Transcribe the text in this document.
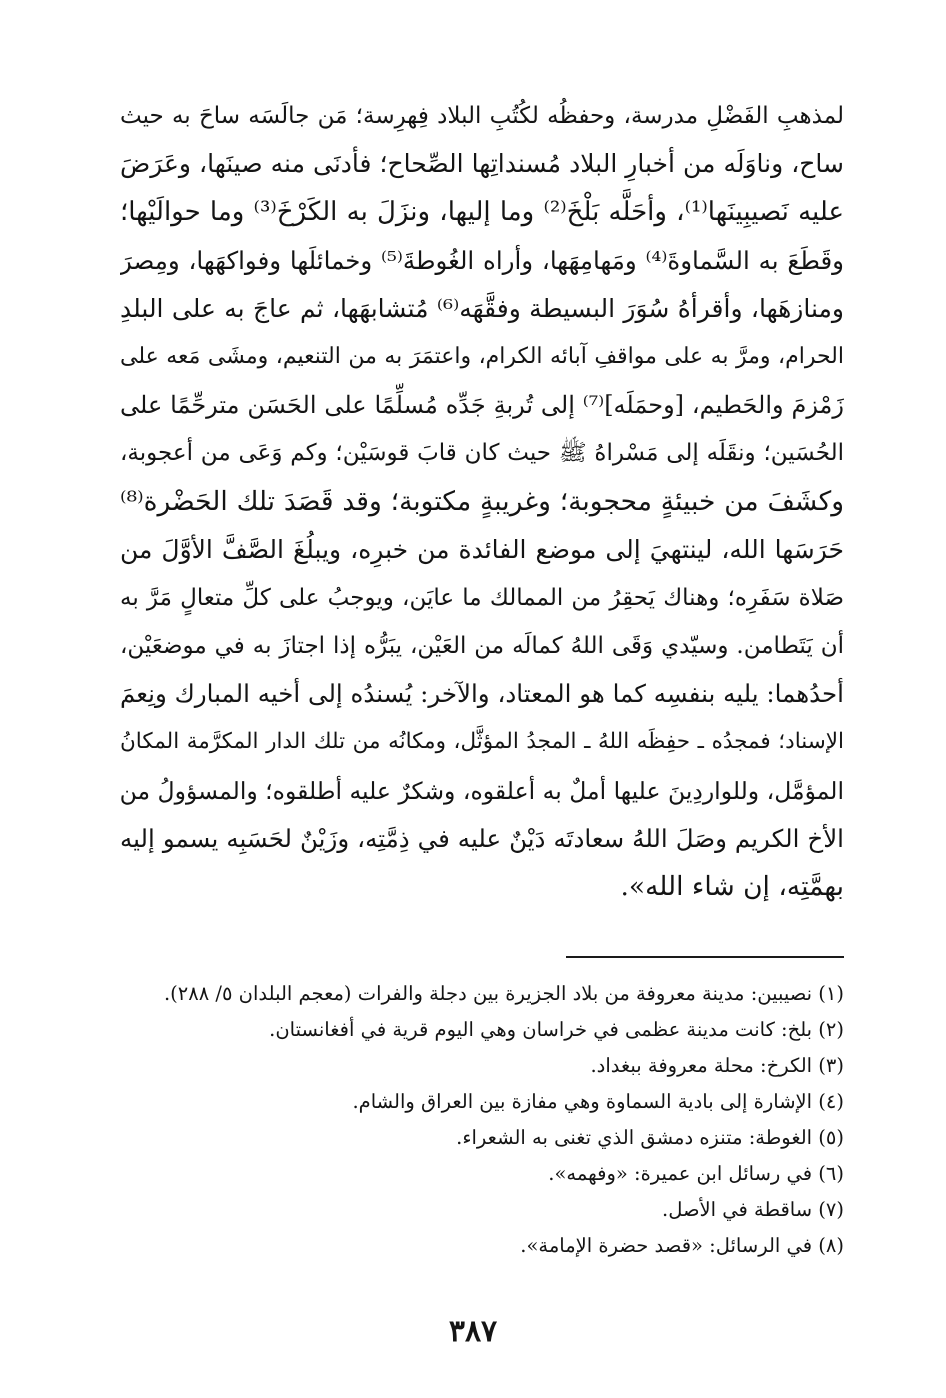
لمذهبِ الفَضْلِ مدرسة، وحفظُه لكُتُبِ البلاد فِهرِسة؛ مَن جالَسَه ساحَ به حيث
ساح، وناوَلَه من أخبارِ البلاد مُسنداتِها الصِّحاح؛ فأدنَى منه صينَها، وعَرَضَ
عليه نَصيبِينَها⁽¹⁾، وأحَلَّه بَلْخَ⁽²⁾ وما إليها، ونزَلَ به الكَرْخَ⁽³⁾ وما حوالَيْها؛
وقَطَعَ به السَّماوةَ⁽⁴⁾ ومَهامِهَها، وأراه الغُوطةَ⁽⁵⁾ وخمائلَها وفواكهَها، ومِصرَ
ومنازهَها، وأقرأهُ سُوَرَ البسيطة وفقَّهَه⁽⁶⁾ مُتشابهَها، ثم عاجَ به على البلدِ
الحرام، ومرَّ به على مواقفِ آبائه الكرام، واعتمَرَ به من التنعيم، ومشَى مَعه على
زَمْزمَ والحَطيم، [وحمَلَه]⁽⁷⁾ إلى تُربةِ جَدِّه مُسلِّمًا على الحَسَن مترحِّمًا على
الحُسَين؛ ونقَلَه إلى مَسْراهُ ﷺ حيث كان قابَ قوسَيْن؛ وكم وَعَى من أعجوبة،
وكشَفَ من خبيئةٍ محجوبة؛ وغريبةٍ مكتوبة؛ وقد قَصَدَ تلك الحَضْرة⁽⁸⁾
حَرَسَها الله، لينتهيَ إلى موضع الفائدة من خبرِه، ويبلُغَ الصَّفَّ الأوَّلَ من
صَلاة سَفَرِه؛ وهناك يَحقِرُ من الممالك ما عايَن، ويوجبُ على كلِّ متعالٍ مَرَّ به
أن يَتَطامن. وسيّدي وَقَى اللهُ كمالَه من العَيْن، يبَرُّه إذا اجتازَ به في موضعَيْن،
أحدُهما: يليه بنفسِه كما هو المعتاد، والآخر: يُسندُه إلى أخيه المبارك ونِعمَ
الإسناد؛ فمجدُه ـ حفِظَه اللهُ ـ المجدُ المؤثَّل، ومكانُه من تلك الدار المكرَّمة المكانُ
المؤمَّل، وللواردِينَ عليها أملٌ به أعلقوه، وشكرٌ عليه أطلقوه؛ والمسؤولُ من
الأخ الكريم وصَلَ اللهُ سعادتَه دَيْنٌ عليه في ذِمَّتِه، وزَيْنٌ لحَسَبِه يسمو إليه
بهمَّتِه، إن شاء الله».
(١) نصيبين: مدينة معروفة من بلاد الجزيرة بين دجلة والفرات (معجم البلدان ٥/ ٢٨٨).
(٢) بلخ: كانت مدينة عظمى في خراسان وهي اليوم قرية في أفغانستان.
(٣) الكرخ: محلة معروفة ببغداد.
(٤) الإشارة إلى بادية السماوة وهي مفازة بين العراق والشام.
(٥) الغوطة: متنزه دمشق الذي تغنى به الشعراء.
(٦) في رسائل ابن عميرة: «وفهمه».
(٧) ساقطة في الأصل.
(٨) في الرسائل: «قصد حضرة الإمامة».
٣٨٧
